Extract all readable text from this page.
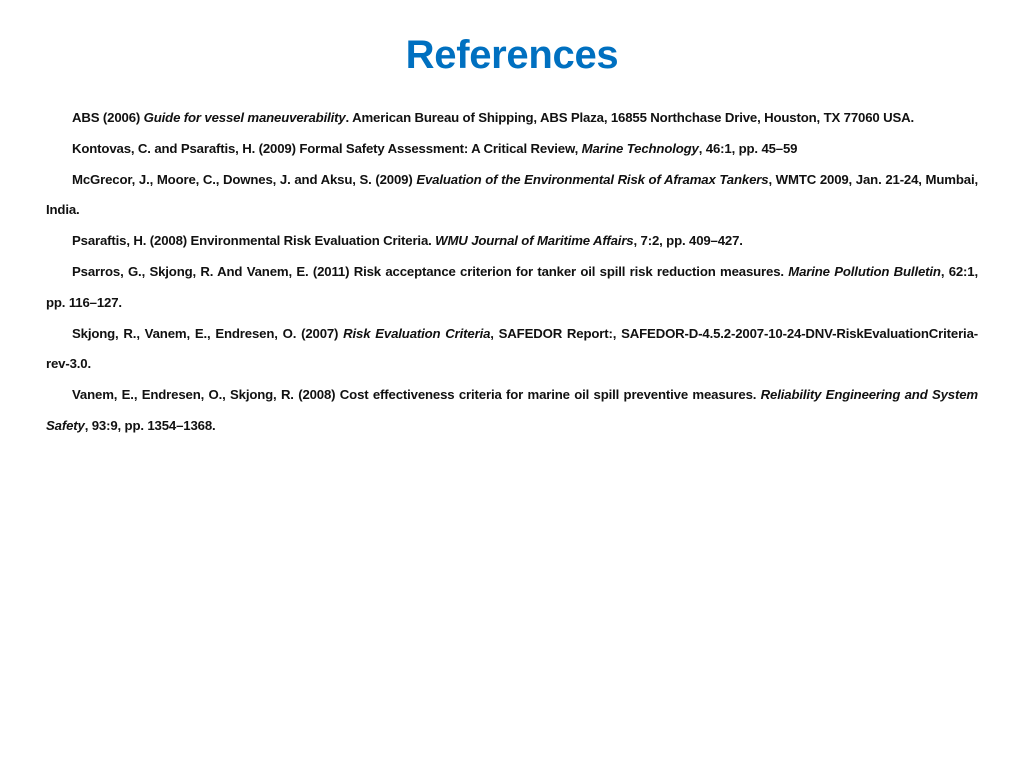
References

ABS (2006) Guide for vessel maneuverability. American Bureau of Shipping, ABS Plaza, 16855 Northchase Drive, Houston, TX 77060 USA.

Kontovas, C. and Psaraftis, H. (2009) Formal Safety Assessment: A Critical Review, Marine Technology, 46:1, pp. 45–59

McGrecor, J., Moore, C., Downes, J. and Aksu, S. (2009) Evaluation of the Environmental Risk of Aframax Tankers, WMTC 2009, Jan. 21-24, Mumbai, India.

Psaraftis, H. (2008) Environmental Risk Evaluation Criteria. WMU Journal of Maritime Affairs, 7:2, pp. 409–427.

Psarros, G., Skjong, R. And Vanem, E. (2011) Risk acceptance criterion for tanker oil spill risk reduction measures. Marine Pollution Bulletin, 62:1, pp. 116–127.

Skjong, R., Vanem, E., Endresen, O. (2007) Risk Evaluation Criteria, SAFEDOR Report:, SAFEDOR-D-4.5.2-2007-10-24-DNV-RiskEvaluationCriteria-rev-3.0.

Vanem, E., Endresen, O., Skjong, R. (2008) Cost effectiveness criteria for marine oil spill preventive measures. Reliability Engineering and System Safety, 93:9, pp. 1354–1368.
